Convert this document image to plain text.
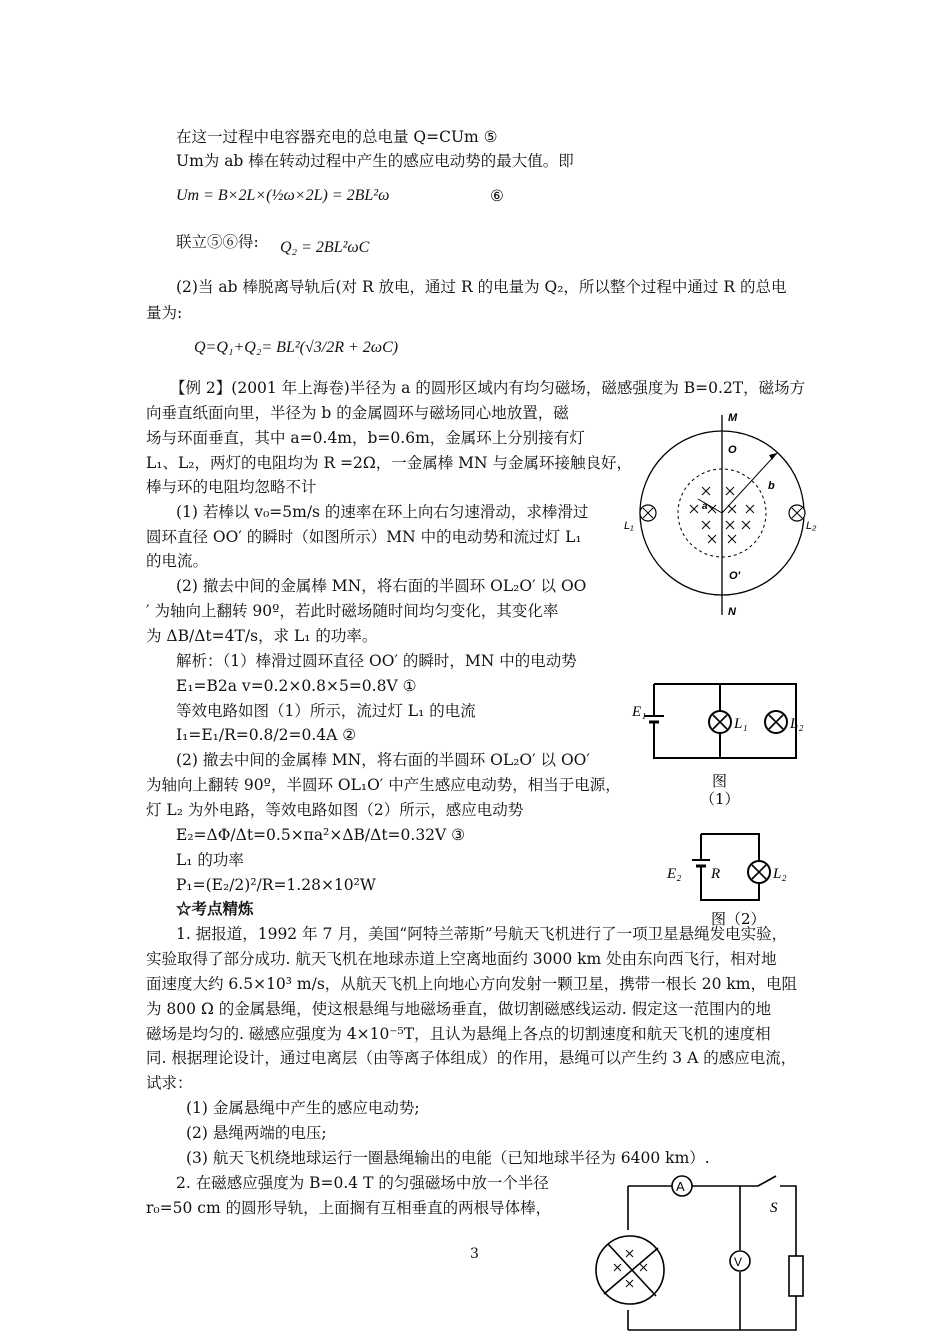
在这一过程中电容器充电的总电量 Q=CUm ⑤
Um为 ab 棒在转动过程中产生的感应电动势的最大值。即
Um = B×2L×(½ω×2L) = 2BL²ω	⑥
联立⑤⑥得: Q₂ = 2BL²ωC
(2)当 ab 棒脱离导轨后(对 R 放电，通过 R 的电量为 Q₂，所以整个过程中通过 R 的总电
量为:
Q=Q₁+Q₂= BL²(√3/2R + 2ωC)
【例 2】(2001 年上海卷)半径为 a 的圆形区域内有均匀磁场，磁感强度为 B=0.2T，磁场方
向垂直纸面向里，半径为 b 的金属圆环与磁场同心地放置，磁
场与环面垂直，其中 a=0.4m，b=0.6m，金属环上分别接有灯
L₁、L₂，两灯的电阻均为 R =2Ω，一金属棒 MN 与金属环接触良好，
棒与环的电阻均忽略不计
(1) 若棒以 v₀=5m/s 的速率在环上向右匀速滑动，求棒滑过
圆环直径 OO′ 的瞬时（如图所示）MN 中的电动势和流过灯 L₁
的电流。
(2) 撤去中间的金属棒 MN，将右面的半圆环 OL₂O′ 以 OO
′ 为轴向上翻转 90º，若此时磁场随时间均匀变化，其变化率
为 ΔB/Δt=4T/s，求 L₁ 的功率。
解析：（1）棒滑过圆环直径 OO′ 的瞬时，MN 中的电动势
E₁=B2a v=0.2×0.8×5=0.8V ①
等效电路如图（1）所示，流过灯 L₁ 的电流
I₁=E₁/R=0.8/2=0.4A ②
(2) 撤去中间的金属棒 MN，将右面的半圆环 OL₂O′ 以 OO′
为轴向上翻转 90º，半圆环 OL₁O′ 中产生感应电动势，相当于电源，
灯 L₂ 为外电路，等效电路如图（2）所示，感应电动势
E₂=ΔΦ/Δt=0.5×πa²×ΔB/Δt=0.32V ③
L₁ 的功率
P₁=(E₂/2)²/R=1.28×10²W
☆考点精炼
1. 据报道，1992 年 7 月，美国“阿特兰蒂斯”号航天飞机进行了一项卫星悬绳发电实验，
实验取得了部分成功. 航天飞机在地球赤道上空离地面约 3000 km 处由东向西飞行，相对地
面速度大约 6.5×10³ m/s，从航天飞机上向地心方向发射一颗卫星，携带一根长 20 km，电阻
为 800 Ω 的金属悬绳，使这根悬绳与地磁场垂直，做切割磁感线运动. 假定这一范围内的地
磁场是均匀的. 磁感应强度为 4×10⁻⁵T，且认为悬绳上各点的切割速度和航天飞机的速度相
同. 根据理论设计，通过电离层（由等离子体组成）的作用，悬绳可以产生约 3 A 的感应电流，
试求：
(1) 金属悬绳中产生的感应电动势;
(2) 悬绳两端的电压;
(3) 航天飞机绕地球运行一圈悬绳输出的电能（已知地球半径为 6400 km）.
2. 在磁感应强度为 B=0.4 T 的匀强磁场中放一个半径
r₀=50 cm 的圆形导轨，上面搁有互相垂直的两根导体棒，
M
O
b
a
O'
N
L₁	L₂
E₁
L₁	L₂
图
（1）
E₂ R	L₂
图（2）
A
V
S
3
